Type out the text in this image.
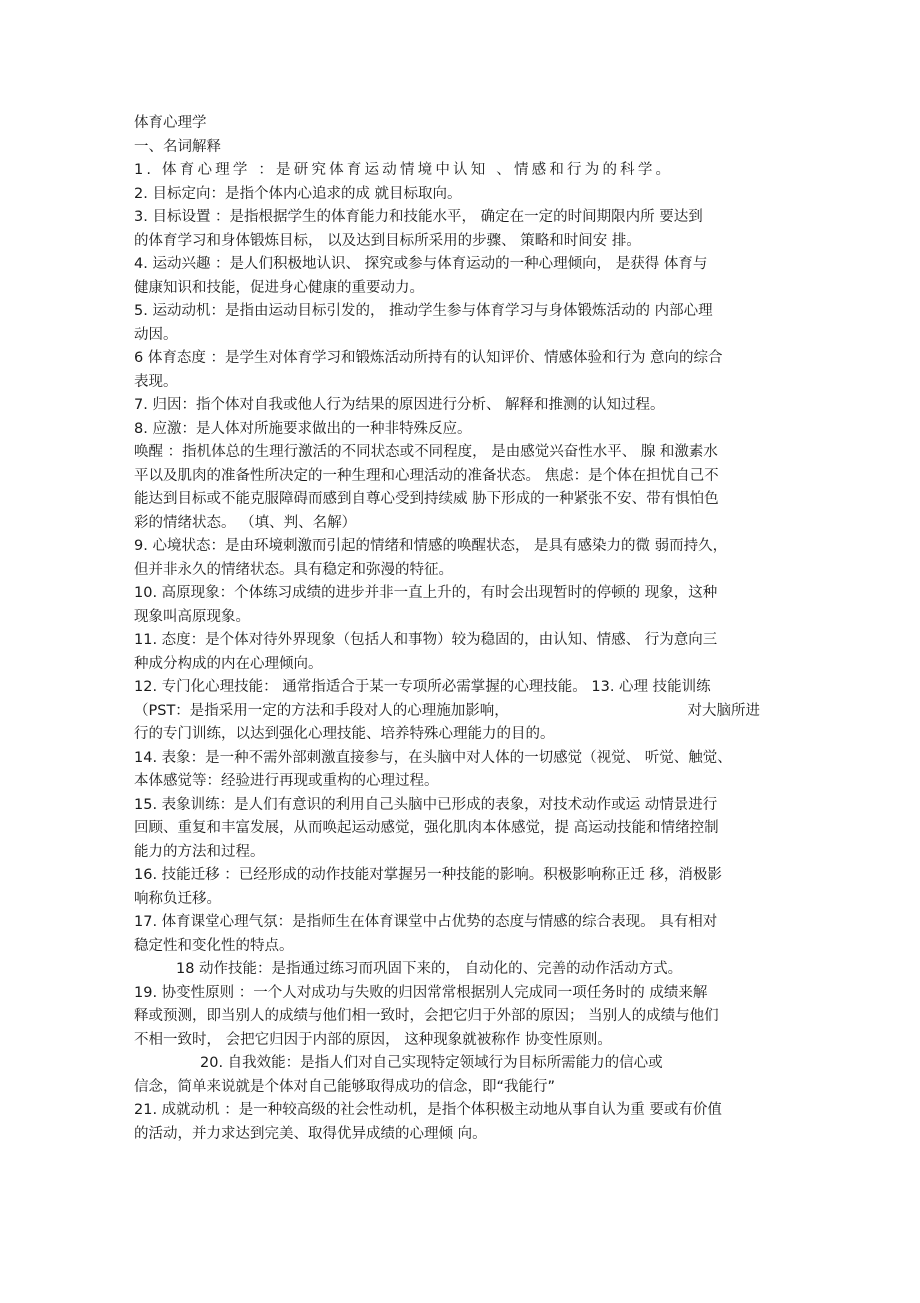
体育心理学
一、名词解释
1. 体育心理学 ：是研究体育运动情境中认知 、情感和行为的科学。
2. 目标定向：是指个体内心追求的成 就目标取向。
3. 目标设置 ：是指根据学生的体育能力和技能水平， 确定在一定的时间期限内所 要达到
的体育学习和身体锻炼目标， 以及达到目标所采用的步骤、 策略和时间安 排。
4. 运动兴趣 ：是人们积极地认识、 探究或参与体育运动的一种心理倾向， 是获得 体育与
健康知识和技能，促进身心健康的重要动力。
5. 运动动机：是指由运动目标引发的， 推动学生参与体育学习与身体锻炼活动的 内部心理
动因。
6 体育态度 ：是学生对体育学习和锻炼活动所持有的认知评价、情感体验和行为 意向的综合
表现。
7. 归因：指个体对自我或他人行为结果的原因进行分析、 解释和推测的认知过程。
8. 应激：是人体对所施要求做出的一种非特殊反应。
唤醒 ：指机体总的生理行激活的不同状态或不同程度， 是由感觉兴奋性水平、 腺 和激素水
平以及肌肉的准备性所决定的一种生理和心理活动的准备状态。 焦虑：是个体在担忧自己不
能达到目标或不能克服障碍而感到自尊心受到持续威 胁下形成的一种紧张不安、带有惧怕色
彩的情绪状态。 （填、判、名解）
9. 心境状态：是由环境刺激而引起的情绪和情感的唤醒状态， 是具有感染力的微 弱而持久，
但并非永久的情绪状态。具有稳定和弥漫的特征。
10. 高原现象：个体练习成绩的进步并非一直上升的，有时会出现暂时的停顿的 现象，这种
现象叫高原现象。
11. 态度：是个体对待外界现象（包括人和事物）较为稳固的，由认知、情感、 行为意向三
种成分构成的内在心理倾向。
12. 专门化心理技能： 通常指适合于某一专项所必需掌握的心理技能。 13. 心理 技能训练
（PST：是指采用一定的方法和手段对人的心理施加影响，	对大脑所进
行的专门训练，以达到强化心理技能、培养特殊心理能力的目的。
14. 表象：是一种不需外部刺激直接参与，在头脑中对人体的一切感觉（视觉、 听觉、触觉、
本体感觉等：经验进行再现或重构的心理过程。
15. 表象训练：是人们有意识的利用自己头脑中已形成的表象，对技术动作或运 动情景进行
回顾、重复和丰富发展，从而唤起运动感觉，强化肌肉本体感觉，提 高运动技能和情绪控制
能力的方法和过程。
16. 技能迁移 ：已经形成的动作技能对掌握另一种技能的影响。积极影响称正迁 移，消极影
响称负迁移。
17. 体育课堂心理气氛：是指师生在体育课堂中占优势的态度与情感的综合表现。 具有相对
稳定性和变化性的特点。
18 动作技能：是指通过练习而巩固下来的， 自动化的、完善的动作活动方式。
19. 协变性原则 ：一个人对成功与失败的归因常常根据别人完成同一项任务时的 成绩来解
释或预测，即当别人的成绩与他们相一致时，会把它归于外部的原因； 当别人的成绩与他们
不相一致时， 会把它归因于内部的原因， 这种现象就被称作 协变性原则。
20. 自我效能：是指人们对自己实现特定领域行为目标所需能力的信心或
信念，简单来说就是个体对自己能够取得成功的信念，即“我能行”
21. 成就动机 ：是一种较高级的社会性动机，是指个体积极主动地从事自认为重 要或有价值
的活动，并力求达到完美、取得优异成绩的心理倾 向。
